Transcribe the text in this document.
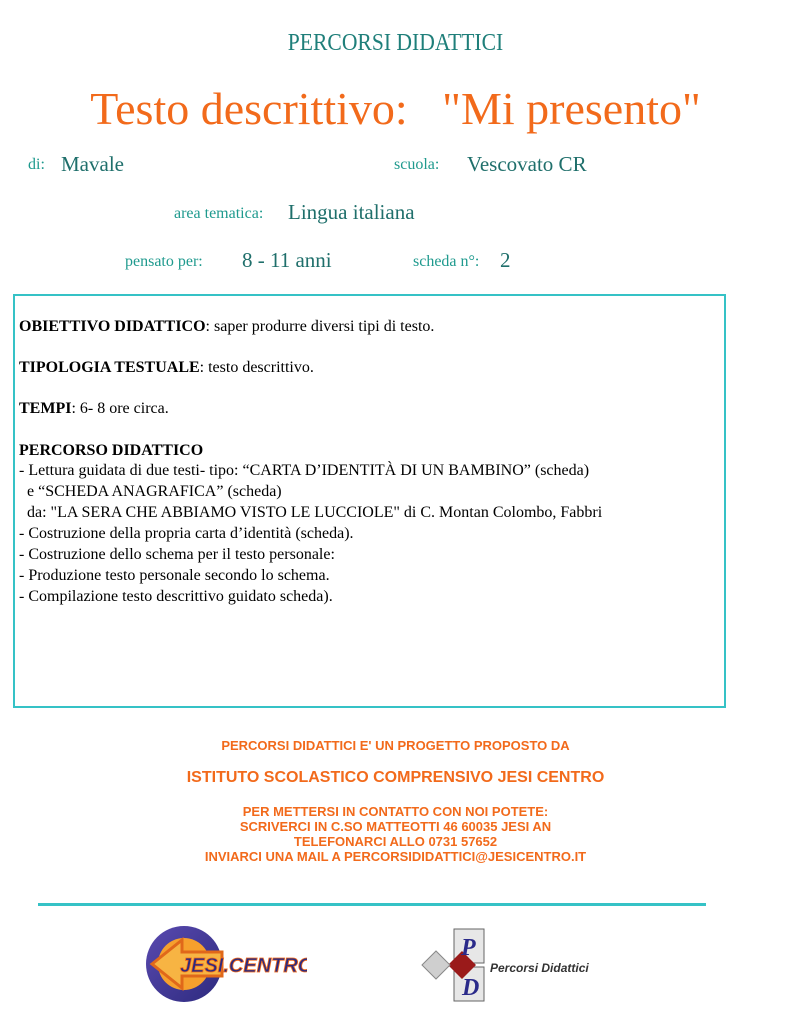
PERCORSI DIDATTICI
Testo descrittivo:   "Mi presento"
di: Mavale	scuola: Vescovato CR
area tematica: Lingua italiana
pensato per: 8 - 11 anni	scheda n°: 2
OBIETTIVO DIDATTICO: saper produrre diversi tipi di testo.
TIPOLOGIA TESTUALE: testo descrittivo.
TEMPI: 6- 8 ore circa.
PERCORSO DIDATTICO
- Lettura guidata di due testi- tipo: “CARTA D’IDENTITÀ DI UN BAMBINO” (scheda)
e “SCHEDA ANAGRAFICA” (scheda)
da: "LA SERA CHE ABBIAMO VISTO LE LUCCIOLE" di C. Montan Colombo, Fabbri
- Costruzione della propria carta d’identità (scheda).
- Costruzione dello schema per il testo personale:
- Produzione testo personale secondo lo schema.
- Compilazione testo descrittivo guidato scheda).
PERCORSI DIDATTICI E' UN PROGETTO PROPOSTO DA
ISTITUTO SCOLASTICO COMPRENSIVO JESI CENTRO
PER METTERSI IN CONTATTO CON NOI POTETE:
SCRIVERCI IN C.SO MATTEOTTI 46 60035 JESI AN
TELEFONARCI ALLO 0731 57652
INVIARCI UNA MAIL A PERCORSIDIDATTICI@JESICENTRO.IT
JESI.CENTRO
P
D
Percorsi Didattici
